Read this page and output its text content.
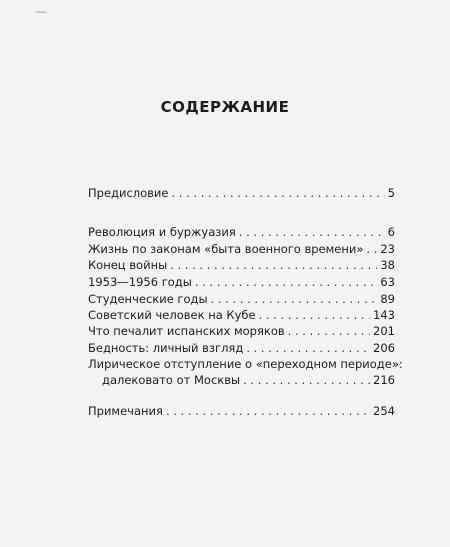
—
СОДЕРЖАНИЕ
Предисловие . . .	5
Революция и буржуазия . . .	6
Жизнь по законам «быта военного времени» . . . 23
Конец войны . . .	38
1953—1956 годы . . .	63
Студенческие годы . . .	89
Советский человек на Кубе . . .	143
Что печалит испанских моряков . . .	201
Бедность: личный взгляд . . .	206
Лирическое отступление о «переходном периоде»:
далековато от Москвы . . .	216
Примечания . . .	254
